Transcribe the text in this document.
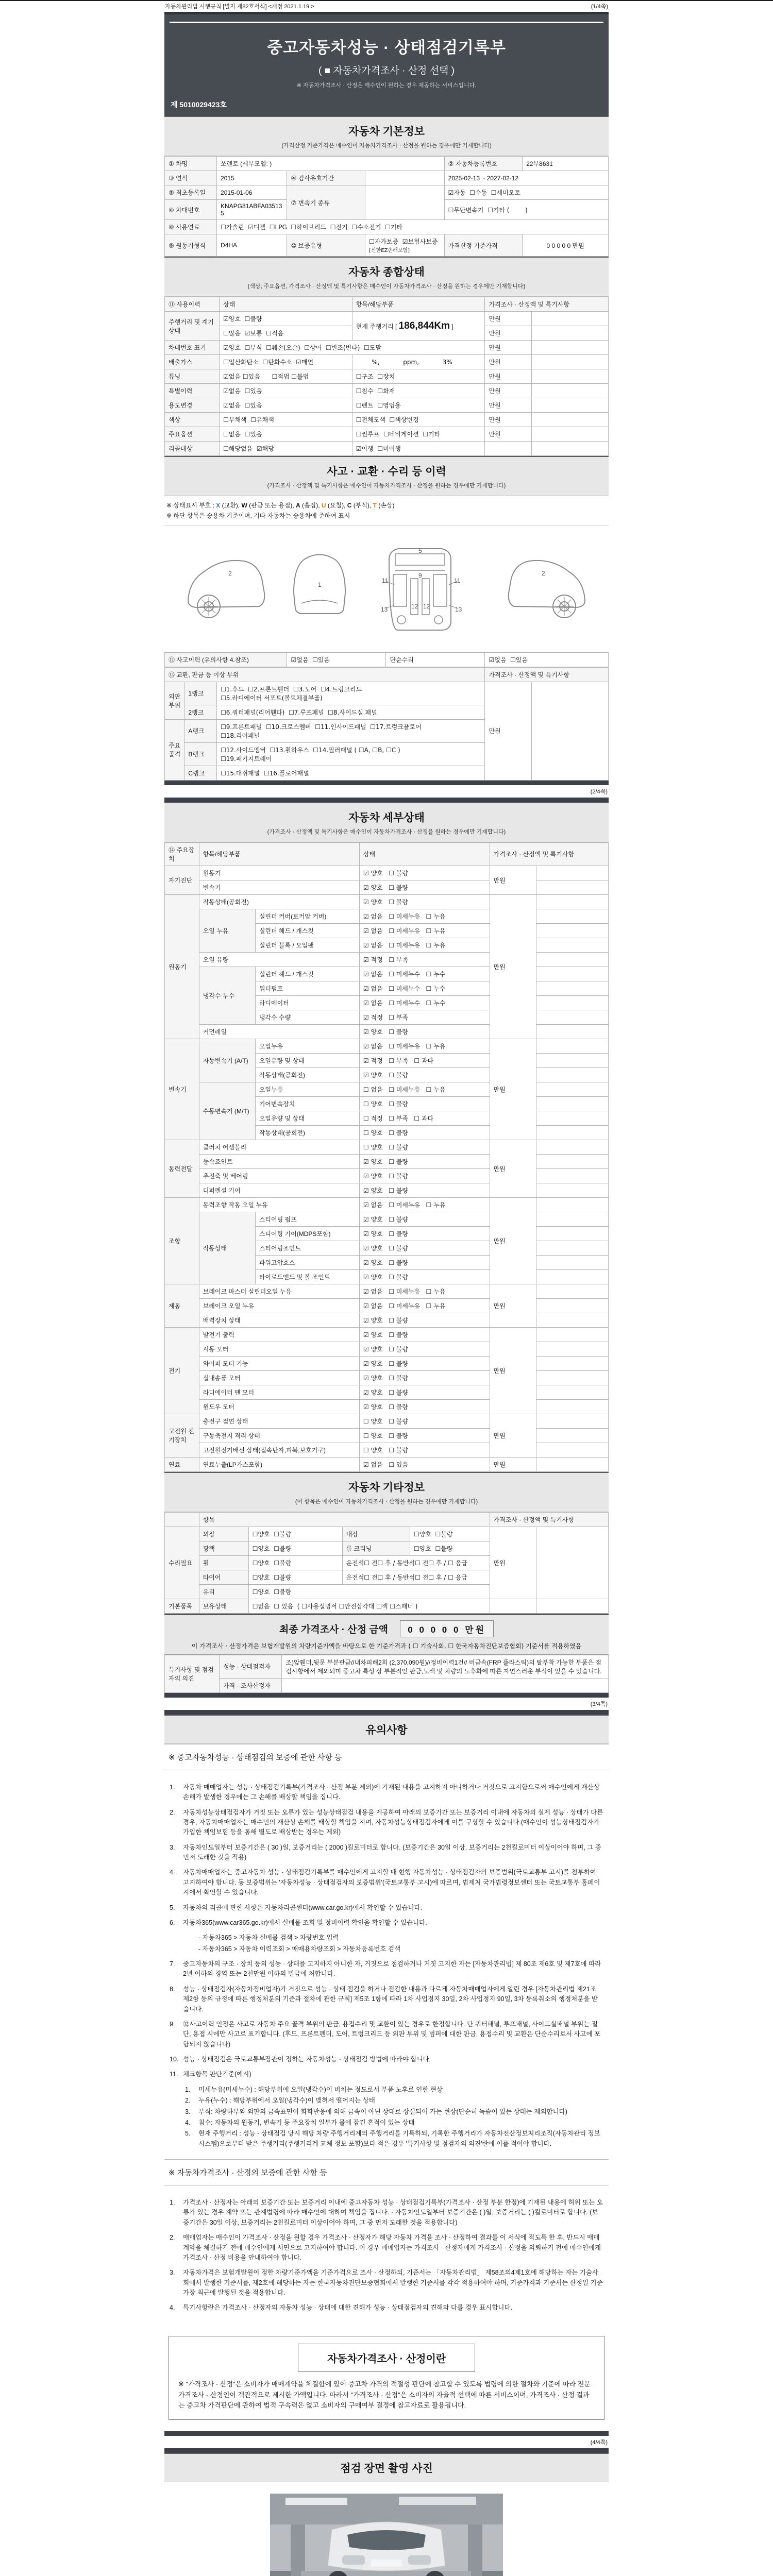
자동차관리법 시행규칙 [별지 제82호서식] <개정 2021.1.19.>	(1/4쪽)
중고자동차성능 · 상태점검기록부
( ■ 자동차가격조사 · 산정 선택 )
※ 자동차가격조사 · 산정은 매수인이 원하는 경우 제공하는 서비스입니다.
제 5010029423호
자동차 기본정보
(가격산정 기준가격은 매수인이 자동차가격조사 · 산정을 원하는 경우에만 기재합니다)
① 차명	쏘렌토 (세부모델: )			② 자동차등록번호	22부8631
③ 연식	2015	④ 검사유효기간		2025-02-13 ~ 2027-02-12	
⑤ 최초등록일	2015-01-06	⑦ 변속기 종류		☑자동  ☐수동  ☐세미오토	
⑥ 차대번호	KNAPG81ABFA035135			☐무단변속기  ☐기타 (        )	
⑧ 사용연료	☐가솔린  ☑디젤  ☐LPG  ☐하이브리드  ☐전기  ☐수소전기  ☐기타				
⑨ 원동기형식	D4HA	⑩ 보증유형	☐자가보증  ☑보험사보증 [신한EZ손해보험]	가격산정 기준가격	0 0 0 0 0 만원
자동차 종합상태
(색상, 주요옵션, 가격조사 · 산정액 및 특기사항은 매수인이 자동차가격조사 · 산정을 원하는 경우에만 기재합니다)
⑪ 사용이력	상태	항목/해당부품	가격조사 · 산정액 및 특기사항	
주행거리 및 계기상태	☑양호  ☐불량	현재 주행거리 [ 186,844Km ]	만원	
	☐많음  ☑보통  ☐적음		만원	
차대번호 표기	☑양호  ☐부식  ☐훼손(오손)  ☐상이  ☐변조(변타)  ☐도말		만원	
배출가스	☐일산화탄소  ☐탄화수소  ☑매연	%,            ppm,            3%	만원	
튜닝	☑없음 ☐있음      ☐적법 ☐불법	☐구조  ☐장치	만원	
특별이력	☑없음  ☐있음	☐침수  ☐화재	만원	
용도변경	☑없음  ☐있음	☐렌트  ☐영업용	만원	
색상	☐무채색  ☐유채색	☐전체도색  ☐색상변경	만원	
주요옵션	☐없음  ☐있음	☐썬루프  ☐네비게이션  ☐기타	만원	
리콜대상	☐해당없음  ☑해당	☑이행  ☐미이행		
사고 · 교환 · 수리 등 이력
(가격조사 · 산정액 및 특기사항은 매수인이 자동차가격조사 · 산정을 원하는 경우에만 기재합니다)
※ 상태표시 부호 : X (교환), W (판금 또는 용접), A (흠집), U (요철), C (부식), T (손상)
※ 하단 항목은 승용차 기준이며, 기타 자동차는 승용차에 준하여 표시
2
1
5
9
11	11
13	12 12	13
2
⑫ 사고이력 (유의사항 4.참조)	☑없음  ☐있음	단순수리	☑없음  ☐있음
⑬ 교환, 판금 등 이상 부위			가격조사 · 산정액 및 특기사항	
외판부위	1랭크	☐1.후드  ☐2.프론트휀더  ☐3.도어  ☐4.트렁크리드
☐5.라디에이터 서포트(볼트체결부품)	만원	
	2랭크	☐6.쿼터패널(리어휀다)  ☐7.루프패널  ☐8.사이드실 패널		
주요골격	A랭크	☐9.프론트패널  ☐10.크로스멤버  ☐11.인사이드패널  ☐17.트렁크플로어
☐18.리어패널		

	B랭크	☐12.사이드멤버  ☐13.휠하우스  ☐14.필러패널 ( ☐A, ☐B, ☐C )
☐19.패키지트레이		

	C랭크	☐15.대쉬패널  ☐16.플로어패널		
(2/4쪽)
자동차 세부상태
(가격조사 · 산정액 및 특기사항은 매수인이 자동차가격조사 · 산정을 원하는 경우에만 기재합니다)
⑭ 주요장치	항목/해당부품		상태	가격조사 · 산정액 및 특기사항	
자기진단	원동기		☑ 양호   ☐ 불량	만원	
	변속기		☑ 양호   ☐ 불량		
원동기	작동상태(공회전)		☑ 양호   ☐ 불량	만원	
	오일 누유	실린더 커버(로커암 커버)	☑ 없음   ☐ 미세누유   ☐ 누유		
		실린더 헤드 / 개스킷	☑ 없음   ☐ 미세누유   ☐ 누유		
		실린더 블록 / 오일팬	☑ 없음   ☐ 미세누유   ☐ 누유		
	오일 유량		☑ 적정   ☐ 부족		
	냉각수 누수	실린더 헤드 / 개스킷	☑ 없음   ☐ 미세누수   ☐ 누수		
		워터펌프	☑ 없음   ☐ 미세누수   ☐ 누수		
		라디에이터	☑ 없음   ☐ 미세누수   ☐ 누수		
		냉각수 수량	☑ 적정   ☐ 부족		
	커먼레일		☑ 양호   ☐ 불량		
변속기	자동변속기 (A/T)	오일누유	☑ 없음   ☐ 미세누유   ☐ 누유	만원	
		오일유량 및 상태	☑ 적정   ☐ 부족   ☐ 과다		
		작동상태(공회전)	☑ 양호   ☐ 불량		
	수동변속기 (M/T)	오일누유	☐ 없음   ☐ 미세누유   ☐ 누유		
		기어변속장치	☐ 양호   ☐ 불량		
		오일유량 및 상태	☐ 적정   ☐ 부족   ☐ 과다		
		작동상태(공회전)	☐ 양호   ☐ 불량		
동력전달	클러치 어셈블리		☐ 양호   ☐ 불량	만원	
	등속죠인트		☑ 양호   ☐ 불량		
	추진축 및 베어링		☑ 양호   ☐ 불량		
	디퍼렌셜 기어		☑ 양호   ☐ 불량		
조향	동력조향 작동 오일 누유		☑ 없음   ☐ 미세누유   ☐ 누유	만원	
	작동상태	스티어링 펌프	☑ 양호   ☐ 불량		
		스티어링 기어(MDPS포함)	☑ 양호   ☐ 불량		
		스티어링조인트	☑ 양호   ☐ 불량		
		파워고압호스	☑ 양호   ☐ 불량		
		타이로드엔드 및 볼 조인트	☑ 양호   ☐ 불량		
제동	브레이크 마스터 실린더오일 누유		☑ 없음   ☐ 미세누유   ☐ 누유	만원	
	브레이크 오일 누유		☑ 없음   ☐ 미세누유   ☐ 누유		
	배력장치 상태		☑ 양호   ☐ 불량		
전기	발전기 출력		☑ 양호   ☐ 불량	만원	
	시동 모터		☑ 양호   ☐ 불량		
	와이퍼 모터 기능		☑ 양호   ☐ 불량		
	실내송풍 모터		☑ 양호   ☐ 불량		
	라디에이터 팬 모터		☑ 양호   ☐ 불량		
	윈도우 모터		☑ 양호   ☐ 불량		
고전원 전기장치	충전구 절연 상태		☐ 양호   ☐ 불량	만원	
	구동축전지 격리 상태		☐ 양호   ☐ 불량		
	고전원전기배선 상태(접속단자,피복,보호기구)		☐ 양호   ☐ 불량		
연료	연료누출(LP가스포함)		☑ 없음   ☐ 있음	만원	
자동차 기타정보
(이 항목은 매수인이 자동차가격조사 · 산정을 원하는 경우에만 기재합니다)
	항목				가격조사 · 산정액 및 특기사항	
수리필요	외장	☐양호  ☐불량	내장	☐양호  ☐불량	만원	
	광택	☐양호  ☐불량	룸 크리닝	☐양호  ☐불량		
	휠	☐양호  ☐불량	운전석☐ 전☐ 후 / 동반석☐ 전☐ 후 / ☐ 응급			
	타이어	☐양호  ☐불량	운전석☐ 전☐ 후 / 동반석☐ 전☐ 후 / ☐ 응급			
	유리	☐양호  ☐불량				
기본품목	보유상태	☐없음  ☐ 있음  ( ☐사용설명서 ☐안전삼각대 ☐잭 ☐스패너 )				
최종 가격조사 · 산정 금액 0 0 0 0 0 만원
이 가격조사 · 산정가격은 보험개발원의 차량기준가액을 바탕으로 한 기준가격과 ( ☐ 기술사회, ☐ 한국자동차진단보증협회) 기준서를 적용하였음
특기사항 및 점검자의 의견	성능 · 상태점검자	조)앞휀더,뒷문 부분판금//내차피해2회 (2,370,090원)//정비이력1건// 비금속(FRP 플라스틱)의 탈부착 가능한 부품은 점검사항에서 제외되며 중고차 특성 상 부분적인 판금,도색 및 차량의 노후화에 따른 자연스러운 부식이 있을 수 있습니다.
	가격 · 조사산정자	
(3/4쪽)
유의사항
※ 중고자동차성능 · 상태점검의 보증에 관한 사항 등
1.	자동차 매매업자는 성능 · 상태점검기록부(가격조사 · 산정 부분 제외)에 기재된 내용을 고지하지 아니하거나 거짓으로 고지함으로써 매수인에게 재산상 손해가 발생한 경우에는 그 손해를 배상할 책임을 집니다.
2.	자동차성능상태점검자가 거짓 또는 오류가 있는 성능상태점검 내용을 제공하여 아래의 보증기간 또는 보증거리 이내에 자동차의 실제 성능 · 상태가 다른 경우, 자동차매매업자는 매수인의 재산상 손해를 배상할 책임을 지며, 자동차성능상태점검자에게 이를 구상할 수 있습니다.(매수인이 성능상태점검자가 가입한 책임보험 등을 통해 별도로 배상받는 경우는 제외)
3.	자동차인도일부터 보증기간은 ( 30 )일, 보증거리는 ( 2000 )킬로미터로 합니다. (보증기간은 30일 이상, 보증거리는 2천킬로미터 이상이어야 하며, 그 중 먼저 도래한 것을 적용)
4.	자동차매매업자는 중고자동차 성능 · 상태점검기록부를 매수인에게 고지할 때 현행 자동차성능 · 상태점검자의 보증범위(국토교통부 고시)를 첨부하여 고지하여야 합니다. 동 보증범위는 '자동차성능 · 상태점검자의 보증범위'(국토교통부 고시)에 따르며, 법제처 국가법령정보센터 또는 국토교통부 홈페이지에서 확인할 수 있습니다.
5.	자동차의 리콜에 관한 사항은 자동차리콜센터(www.car.go.kr)에서 확인할 수 있습니다.
6.	자동차365(www.car365.go.kr)에서 실매물 조회 및 정비이력 확인을 확인할 수 있습니다.
- 자동차365 > 자동차 실매물 검색 > 차량번호 입력
- 자동차365 > 자동차 이력조회 > 매매용차량조회 > 자동차등록번호 검색
7.	중고자동차의 구조 · 장치 등의 성능 · 상태를 고지하지 아니한 자, 거짓으로 점검하거나 거짓 고지한 자는 [자동차관리법] 제 80조 제6호 및 제7호에 따라 2년 이하의 징역 또는 2천만원 이하의 벌금에 처합니다.
8.	성능 · 상태점검자(자동차정비업자)가 거짓으로 성능 · 상태 점검을 하거나 점검한 내용과 다르게 자동차매매업자에게 알린 경우 [자동차관리법 제21조 제2항 등의 규정에 따른 행정처분의 기준과 절차에 관한 규칙] 제5조 1항에 따라 1차 사업정지 30일, 2차 사업정지 90일, 3차 등록취소의 행정처분을 받습니다.
9.	⑫사고이력 인정은 사고로 자동차 주요 골격 부위의 판금, 용접수리 및 교환이 있는 경우로 한정합니다. 단 쿼터패널, 루프패널, 사이드실패널 부위는 절단, 용접 시에만 사고로 표기합니다. (후드, 프론트펜더, 도어, 트렁크리드 등 외판 부위 및 범퍼에 대한 판금, 용접수리 및 교환은 단순수리로서 사고에 포함되지 않습니다)
10. 성능 · 상태점검은 국토교통부장관이 정하는 자동차성능 · 상태점검 방법에 따라야 합니다.
11. 체크항목 판단기준(예시)
1.	미세누유(미세누수) : 해당부위에 오일(냉각수)이 비치는 정도로서 부품 노후로 인한 현상
2.	누유(누수) : 해당부위에서 오일(냉각수)이 맺혀서 떨어지는 상태
3.	부식: 차량하부와 외판의 금속표면이 화학반응에 의해 금속이 아닌 상태로 상실되어 가는 현상(단순히 녹슬어 있는 상태는 제외합니다)
4.	침수: 자동차의 원동기, 변속기 등 주요장치 일부가 물에 잠긴 흔적이 있는 상태
5.	현재 주행거리 : 성능 · 상태점검 당시 해당 차량 주행거리계의 주행거리를 기록하되, 기록한 주행거리가 자동차전산정보처리조직(자동차관리 정보시스템)으로부터 받은 주행거리(주행거리계 교체 정보 포함)보다 적은 경우 '특기사항 및 점검자의 의견'란에 이를 적어야 합니다.
※ 자동차가격조사 · 산정의 보증에 관한 사항 등
1.	가격조사 · 산정자는 아래의 보증기간 또는 보증거리 이내에 중고자동차 성능 · 상태점검기록부(가격조사 · 산정 부분 한정)에 기재된 내용에 허위 또는 오류가 있는 경우 계약 또는 관계법령에 따라 매수인에 대하여 책임을 집니다. · 자동차인도일부터 보증기간은 ( )일, 보증거리는 ( )킬로미터로 합니다. (보증기간은 30일 이상, 보증거리는 2천킬로미터 이상이어야 하며, 그 중 먼저 도래한 것을 적용합니다)
2.	매매업자는 매수인이 가격조사 · 산정을 원할 경우 가격조사 · 산정자가 해당 자동차 가격을 조사 · 산정하여 결과를 이 서식에 적도록 한 후, 반드시 매매계약을 체결하기 전에 매수인에게 서면으로 고지하여야 합니다. 이 경우 매매업자는 가격조사 · 산정자에게 가격조사 · 산정을 의뢰하기 전에 매수인에게 가격조사 · 산정 비용을 안내하여야 합니다.
3.	자동차가격은 보험개발원이 정한 차량기준가액을 기준가격으로 조사 · 산정하되, 기준서는 「자동차관리법」 제58조의4제1호에 해당하는 자는 기술사회에서 발행한 기준서를, 제2호에 해당하는 자는 한국자동차진단보증협회에서 발행한 기준서를 각각 적용하여야 하며, 기준가격과 기준서는 산정일 기준 가장 최근에 발행된 것을 적용합니다.
4.	특기사항란은 가격조사 · 산정자의 자동차 성능 · 상태에 대한 견해가 성능 · 상태점검자의 견해와 다를 경우 표시합니다.
자동차가격조사 · 산정이란
※ "가격조사 · 산정"은 소비자가 매매계약을 체결함에 있어 중고차 가격의 적절성 판단에 참고할 수 있도록 법령에 의한 절차와 기준에 따라 전문 가격조사 · 산정인이 객관적으로 제시한 가액입니다. 따라서 "가격조사 · 산정"은 소비자의 자율적 선택에 따른 서비스이며, 가격조사 · 산정 결과는 중고차 가격판단에 관하여 법적 구속력은 없고 소비자의 구매여부 결정에 참고자료로 활용됩니다.
(4/4쪽)
점검 장면 촬영 사진
